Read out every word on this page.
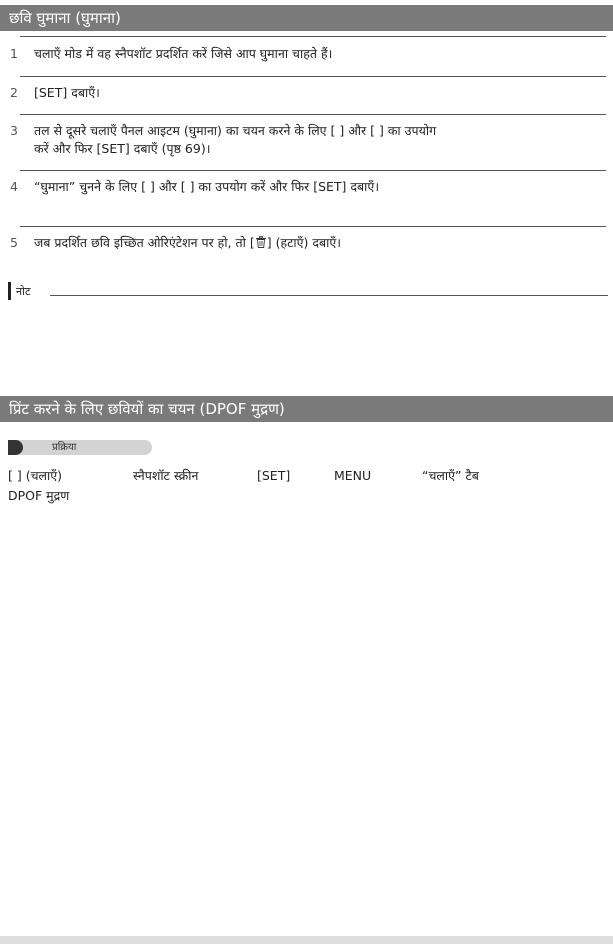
छवि घुमाना (घुमाना)
1 चलाएँ मोड में वह स्नैपशॉट प्रदर्शित करें जिसे आप घुमाना चाहते हैं।
2 [SET] दबाएँ।
3 तल से दूसरे चलाएँ पैनल आइटम (घुमाना) का चयन करने के लिए [ ] और [ ] का उपयोग
करें और फिर [SET] दबाएँ (पृष्ठ 69)।
4 “घुमाना” चुनने के लिए [ ] और [ ] का उपयोग करें और फिर [SET] दबाएँ।
5 जब प्रदर्शित छवि इच्छित ओरिएंटेशन पर हो, तो [ ] (हटाएँ) दबाएँ।
नोट
प्रिंट करने के लिए छवियों का चयन (DPOF मुद्रण)
प्रक्रिया
[ ] (चलाएँ)	स्नैपशॉट स्क्रीन	[SET]	MENU	“चलाएँ” टैब
DPOF मुद्रण
